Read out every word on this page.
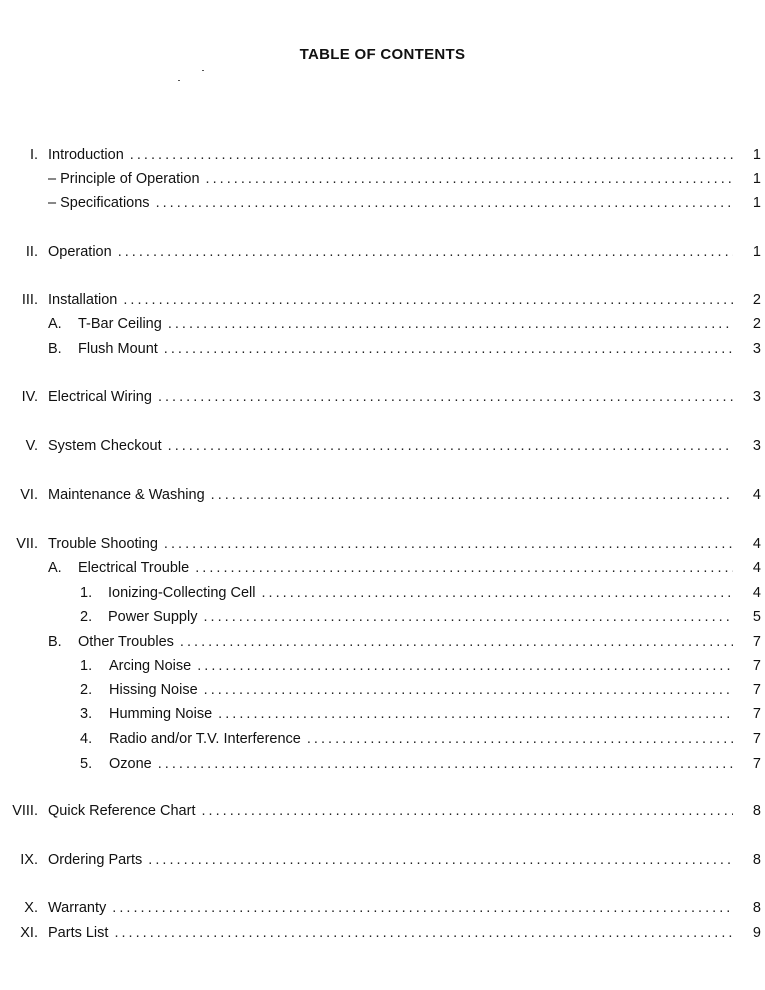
TABLE OF CONTENTS
I. Introduction . . .	1
– Principle of Operation . . .	1
– Specifications . . .	1
II. Operation . . .	1
III. Installation . . .	2
A. T-Bar Ceiling . . .	2
B. Flush Mount . . .	3
IV. Electrical Wiring . . .	3
V. System Checkout . . .	3
VI. Maintenance & Washing . . .	4
VII. Trouble Shooting . . .	4
A. Electrical Trouble . . .	4
1. Ionizing-Collecting Cell . . .	4
2. Power Supply . . .	5
B. Other Troubles . . .	7
1. Arcing Noise . . .	7
2. Hissing Noise . . .	7
3. Humming Noise . . .	7
4. Radio and/or T.V. Interference . . .	7
5. Ozone . . .	7
VIII. Quick Reference Chart . . .	8
IX. Ordering Parts . . .	8
X. Warranty . . .	8
XI. Parts List . . .	9
